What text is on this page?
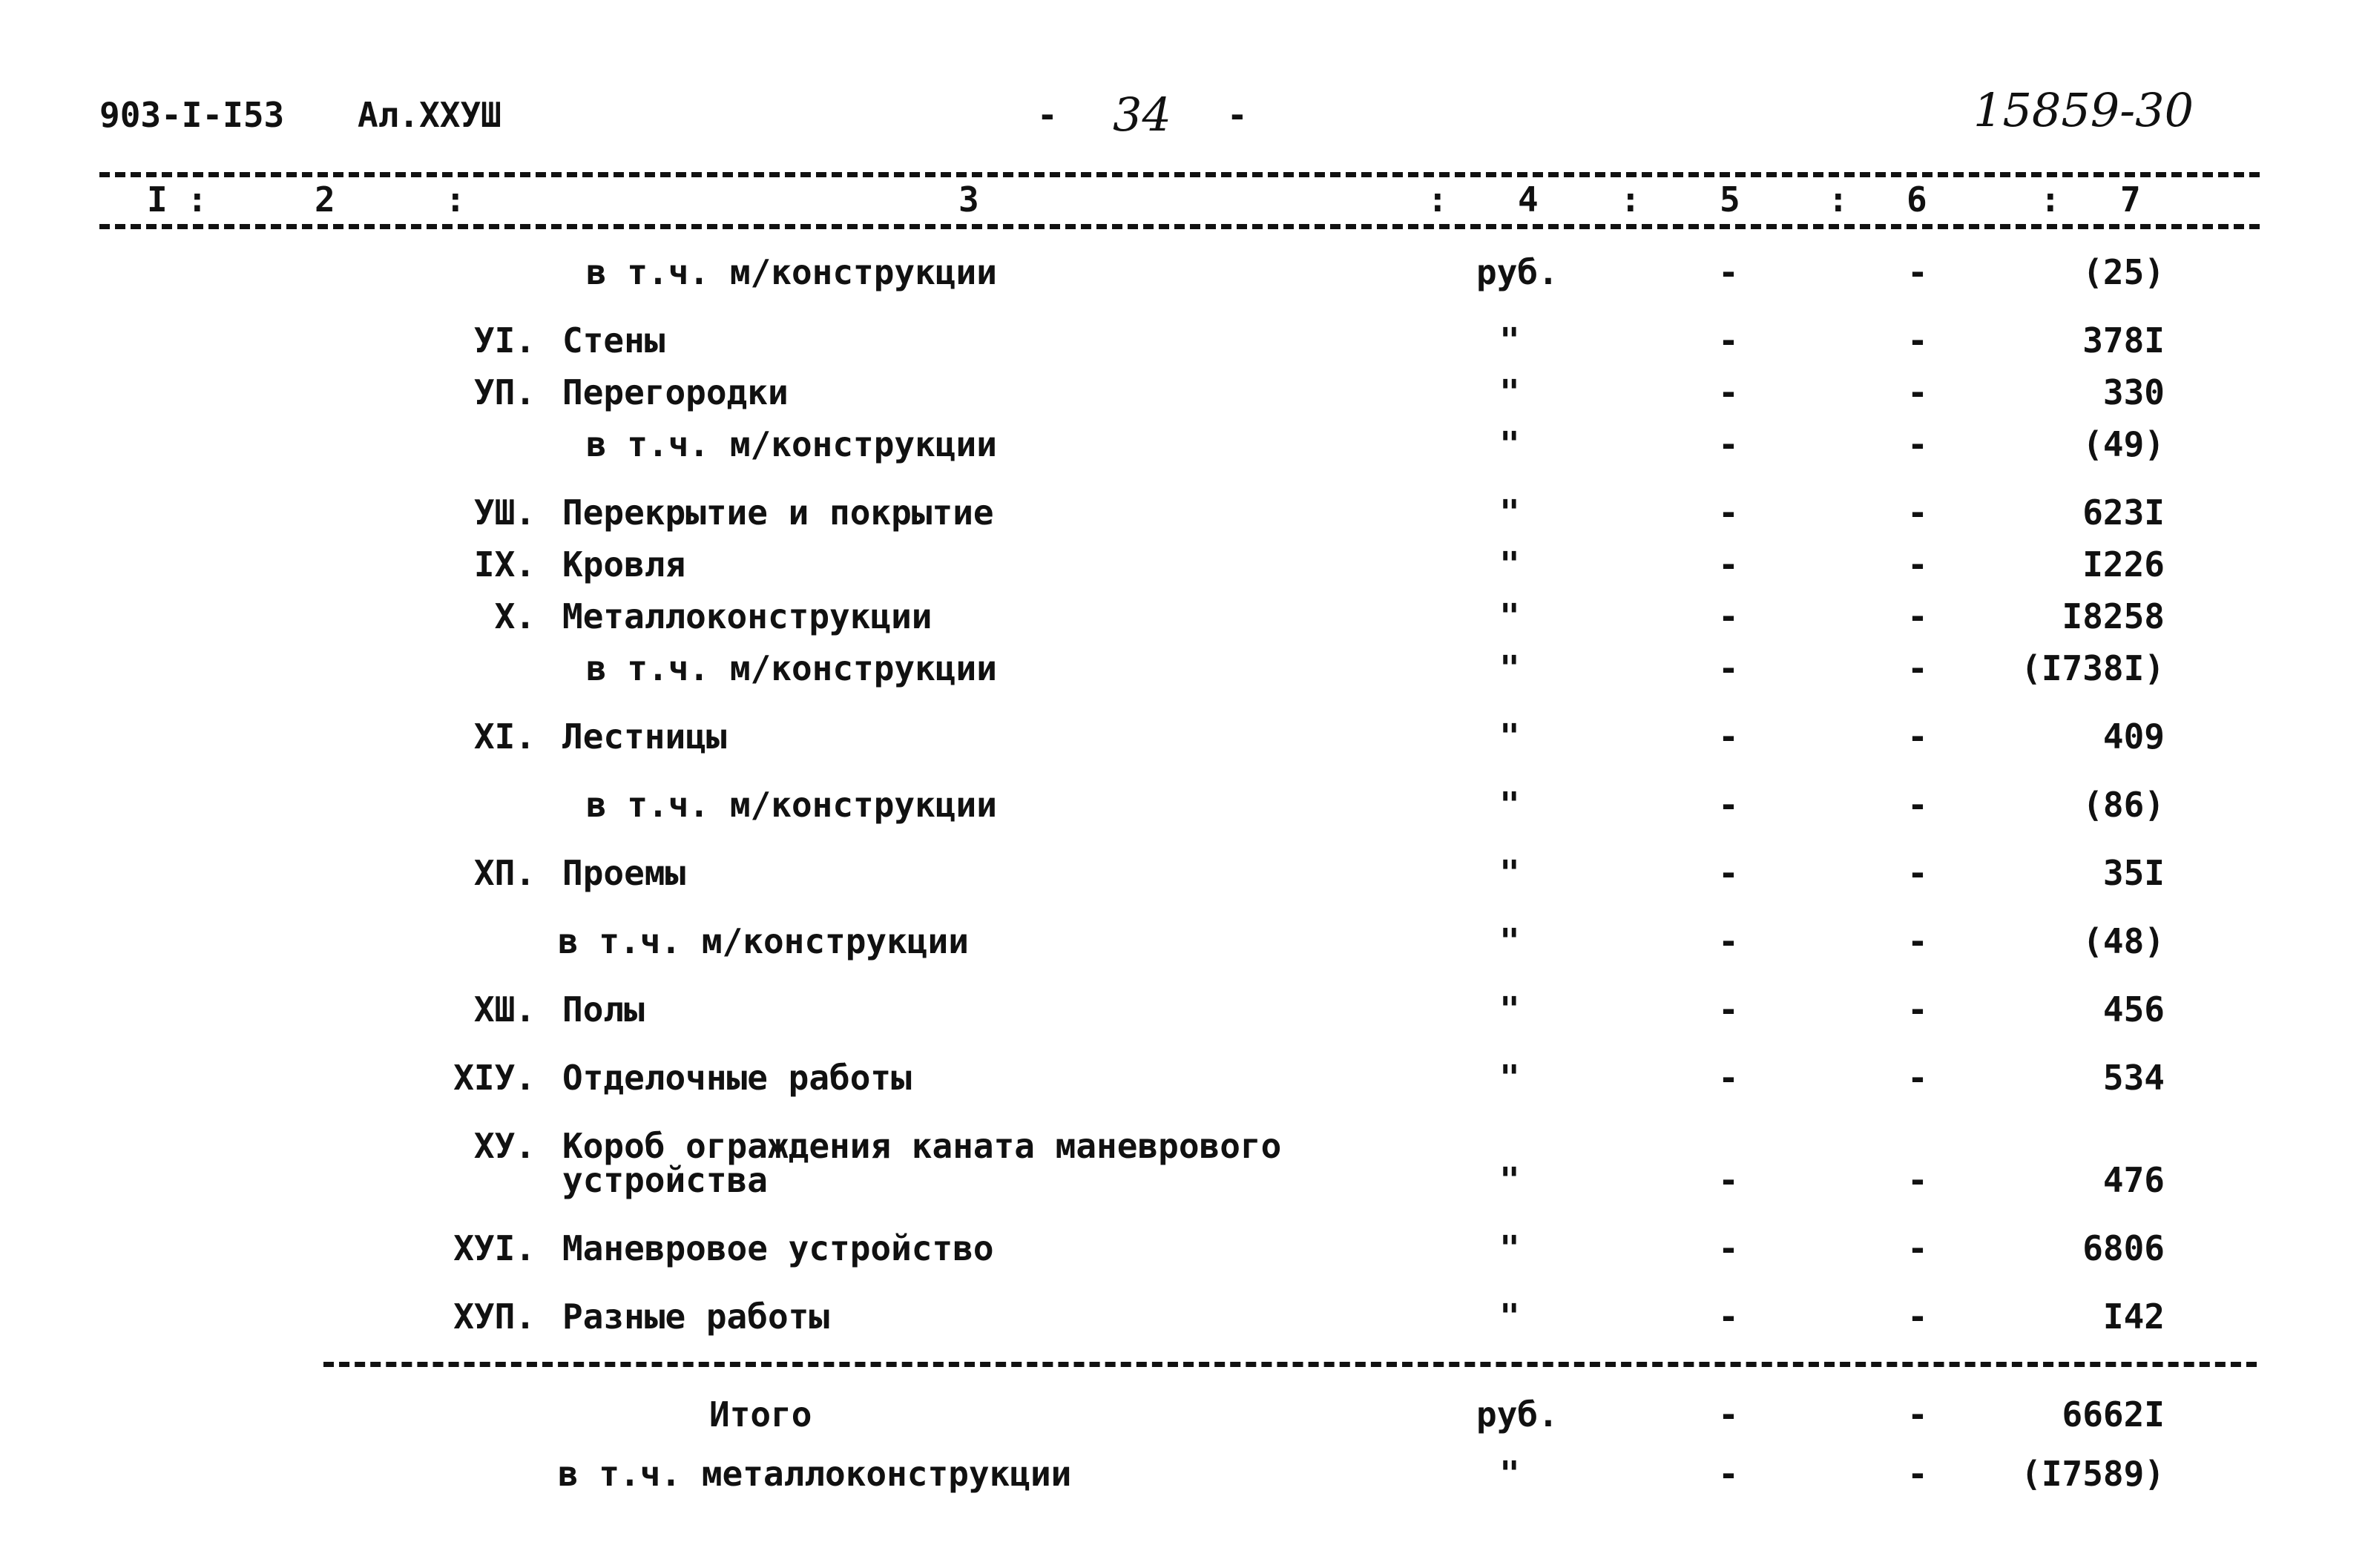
903-I-I53 Ал.ХХУШ	- 34 -	15859-30
I :	2	:	3	: 4 : 5	: 6	: 7
в т.ч. м/конструкции	руб.	-	-	(25)
УI. Стены	"	-	-	378I
УП. Перегородки	"	-	-	330
в т.ч. м/конструкции	"	-	-	(49)
УШ. Перекрытие и покрытие	"	-	-	623I
IX. Кровля	"	-	-	I226
X. Металлоконструкции	"	-	-	I8258
в т.ч. м/конструкции	"	-	-	(I738I)
XI. Лестницы	"	-	-	409
в т.ч. м/конструкции	"	-	-	(86)
XП. Проемы	"	-	-	35I
в т.ч. м/конструкции	"	-	-	(48)
XШ. Полы	"	-	-	456
XIУ. Отделочные работы	"	-	-	534
XУ. Короб ограждения каната маневрового
устройства	"	-	-	476
XУI. Маневровое устройство	"	-	-	6806
XУП. Разные работы	"	-	-	I42
Итого	руб.	-	-	6662I
в т.ч. металлоконструкции	"	-	-	(I7589)
